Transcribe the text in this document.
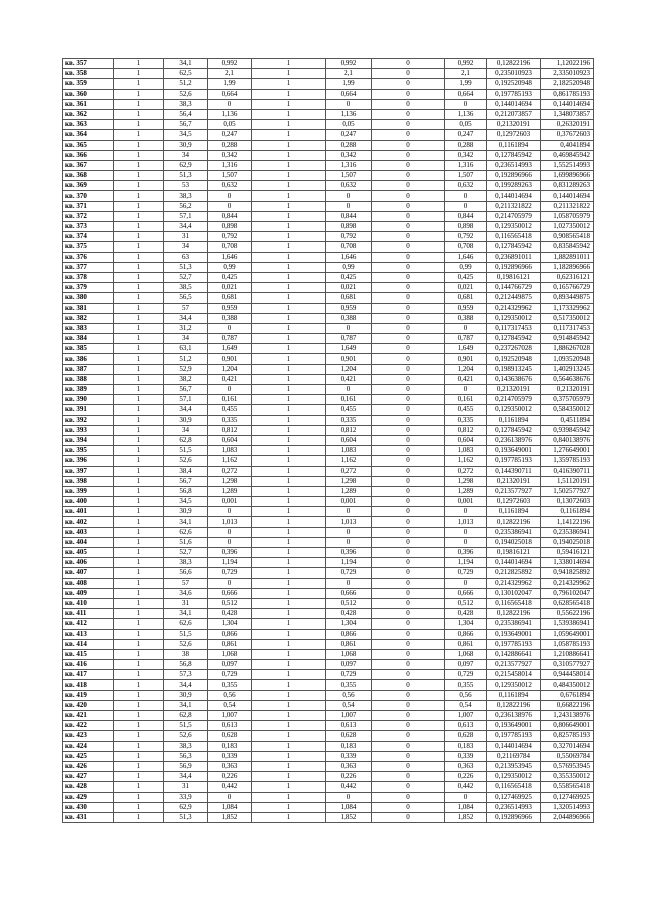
кв. 357	1	34,1	0,992	1	0,992	0	0,992	0,12822196	1,12022196
кв. 358	1	62,5	2,1	1	2,1	0	2,1	0,235010923	2,335010923
кв. 359	1	51,2	1,99	1	1,99	0	1,99	0,192520948	2,182520948
кв. 360	1	52,6	0,664	1	0,664	0	0,664	0,197785193	0,861785193
кв. 361	1	38,3	0	1	0	0	0	0,144014694	0,144014694
кв. 362	1	56,4	1,136	1	1,136	0	1,136	0,212073857	1,348073857
кв. 363	1	56,7	0,05	1	0,05	0	0,05	0,21320191	0,26320191
кв. 364	1	34,5	0,247	1	0,247	0	0,247	0,12972603	0,37672603
кв. 365	1	30,9	0,288	1	0,288	0	0,288	0,1161894	0,4041894
кв. 366	1	34	0,342	1	0,342	0	0,342	0,127845942	0,469845942
кв. 367	1	62,9	1,316	1	1,316	0	1,316	0,236514993	1,552514993
кв. 368	1	51,3	1,507	1	1,507	0	1,507	0,192896966	1,699896966
кв. 369	1	53	0,632	1	0,632	0	0,632	0,199289263	0,831289263
кв. 370	1	38,3	0	1	0	0	0	0,144014694	0,144014694
кв. 371	1	56,2	0	1	0	0	0	0,211321822	0,211321822
кв. 372	1	57,1	0,844	1	0,844	0	0,844	0,214705979	1,058705979
кв. 373	1	34,4	0,898	1	0,898	0	0,898	0,129350012	1,027350012
кв. 374	1	31	0,792	1	0,792	0	0,792	0,116565418	0,908565418
кв. 375	1	34	0,708	1	0,708	0	0,708	0,127845942	0,835845942
кв. 376	1	63	1,646	1	1,646	0	1,646	0,236891011	1,882891011
кв. 377	1	51,3	0,99	1	0,99	0	0,99	0,192896966	1,182896966
кв. 378	1	52,7	0,425	1	0,425	0	0,425	0,19816121	0,62316121
кв. 379	1	38,5	0,021	1	0,021	0	0,021	0,144766729	0,165766729
кв. 380	1	56,5	0,681	1	0,681	0	0,681	0,212449875	0,893449875
кв. 381	1	57	0,959	1	0,959	0	0,959	0,214329962	1,173329962
кв. 382	1	34,4	0,388	1	0,388	0	0,388	0,129350012	0,517350012
кв. 383	1	31,2	0	1	0	0	0	0,117317453	0,117317453
кв. 384	1	34	0,787	1	0,787	0	0,787	0,127845942	0,914845942
кв. 385	1	63,1	1,649	1	1,649	0	1,649	0,237267028	1,886267028
кв. 386	1	51,2	0,901	1	0,901	0	0,901	0,192520948	1,093520948
кв. 387	1	52,9	1,204	1	1,204	0	1,204	0,198913245	1,402913245
кв. 388	1	38,2	0,421	1	0,421	0	0,421	0,143638676	0,564638676
кв. 389	1	56,7	0	1	0	0	0	0,21320191	0,21320191
кв. 390	1	57,1	0,161	1	0,161	0	0,161	0,214705979	0,375705979
кв. 391	1	34,4	0,455	1	0,455	0	0,455	0,129350012	0,584350012
кв. 392	1	30,9	0,335	1	0,335	0	0,335	0,1161894	0,4511894
кв. 393	1	34	0,812	1	0,812	0	0,812	0,127845942	0,939845942
кв. 394	1	62,8	0,604	1	0,604	0	0,604	0,236138976	0,840138976
кв. 395	1	51,5	1,083	1	1,083	0	1,083	0,193649001	1,276649001
кв. 396	1	52,6	1,162	1	1,162	0	1,162	0,197785193	1,359785193
кв. 397	1	38,4	0,272	1	0,272	0	0,272	0,144390711	0,416390711
кв. 398	1	56,7	1,298	1	1,298	0	1,298	0,21320191	1,51120191
кв. 399	1	56,8	1,289	1	1,289	0	1,289	0,213577927	1,502577927
кв. 400	1	34,5	0,001	1	0,001	0	0,001	0,12972603	0,13072603
кв. 401	1	30,9	0	1	0	0	0	0,1161894	0,1161894
кв. 402	1	34,1	1,013	1	1,013	0	1,013	0,12822196	1,14122196
кв. 403	1	62,6	0	1	0	0	0	0,235386941	0,235386941
кв. 404	1	51,6	0	1	0	0	0	0,194025018	0,194025018
кв. 405	1	52,7	0,396	1	0,396	0	0,396	0,19816121	0,59416121
кв. 406	1	38,3	1,194	1	1,194	0	1,194	0,144014694	1,338014694
кв. 407	1	56,6	0,729	1	0,729	0	0,729	0,212825892	0,941825892
кв. 408	1	57	0	1	0	0	0	0,214329962	0,214329962
кв. 409	1	34,6	0,666	1	0,666	0	0,666	0,130102047	0,796102047
кв. 410	1	31	0,512	1	0,512	0	0,512	0,116565418	0,628565418
кв. 411	1	34,1	0,428	1	0,428	0	0,428	0,12822196	0,55622196
кв. 412	1	62,6	1,304	1	1,304	0	1,304	0,235386941	1,539386941
кв. 413	1	51,5	0,866	1	0,866	0	0,866	0,193649001	1,059649001
кв. 414	1	52,6	0,861	1	0,861	0	0,861	0,197785193	1,058785193
кв. 415	1	38	1,068	1	1,068	0	1,068	0,142886641	1,210886641
кв. 416	1	56,8	0,097	1	0,097	0	0,097	0,213577927	0,310577927
кв. 417	1	57,3	0,729	1	0,729	0	0,729	0,215458014	0,944458014
кв. 418	1	34,4	0,355	1	0,355	0	0,355	0,129350012	0,484350012
кв. 419	1	30,9	0,56	1	0,56	0	0,56	0,1161894	0,6761894
кв. 420	1	34,1	0,54	1	0,54	0	0,54	0,12822196	0,66822196
кв. 421	1	62,8	1,007	1	1,007	0	1,007	0,236138976	1,243138976
кв. 422	1	51,5	0,613	1	0,613	0	0,613	0,193649001	0,806649001
кв. 423	1	52,6	0,628	1	0,628	0	0,628	0,197785193	0,825785193
кв. 424	1	38,3	0,183	1	0,183	0	0,183	0,144014694	0,327014694
кв. 425	1	56,3	0,339	1	0,339	0	0,339	0,21169784	0,55069784
кв. 426	1	56,9	0,363	1	0,363	0	0,363	0,213953945	0,576953945
кв. 427	1	34,4	0,226	1	0,226	0	0,226	0,129350012	0,355350012
кв. 428	1	31	0,442	1	0,442	0	0,442	0,116565418	0,558565418
кв. 429	1	33,9	0	1	0	0	0	0,127469925	0,127469925
кв. 430	1	62,9	1,084	1	1,084	0	1,084	0,236514993	1,320514993
кв. 431	1	51,3	1,852	1	1,852	0	1,852	0,192896966	2,044896966
